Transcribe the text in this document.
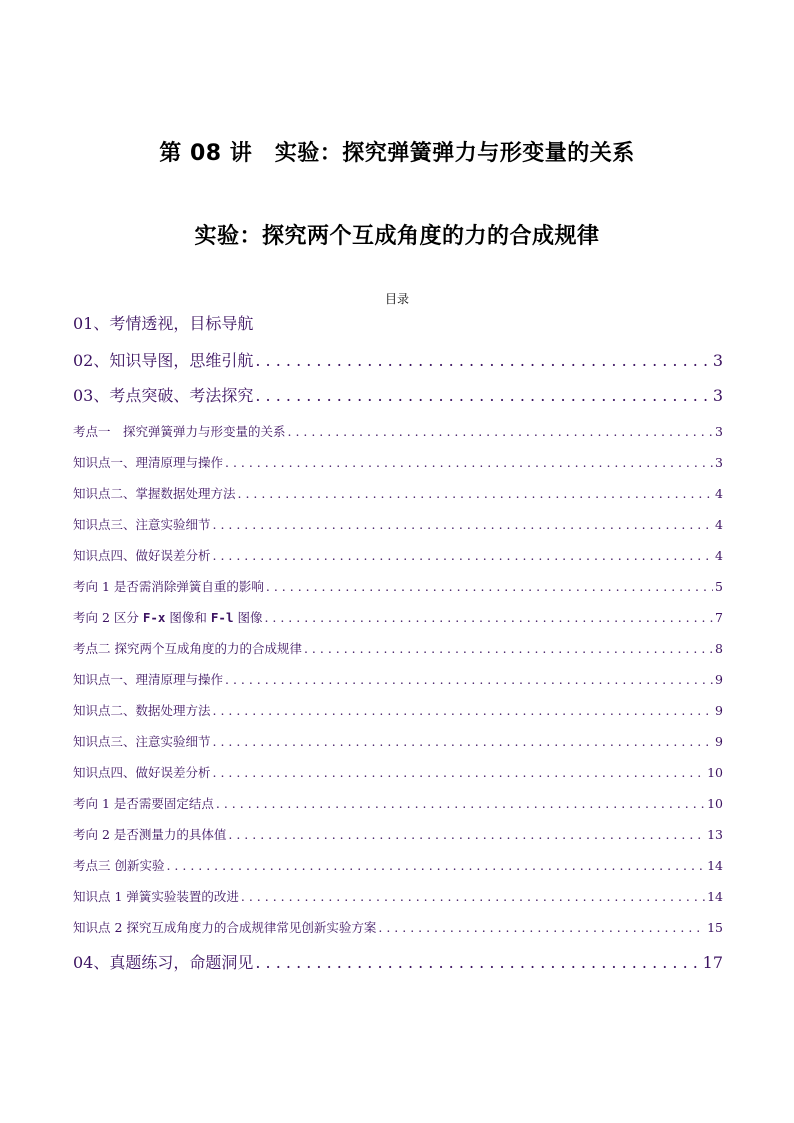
第 08 讲　实验：探究弹簧弹力与形变量的关系
实验：探究两个互成角度的力的合成规律
目录
01、考情透视，目标导航
02、知识导图，思维引航 . . .	3
03、考点突破、考法探究 . . .	3
考点一　探究弹簧弹力与形变量的关系 . . .	3
知识点一、理清原理与操作 . . .	3
知识点二、掌握数据处理方法 . . .	4
知识点三、注意实验细节 . . .	4
知识点四、做好误差分析 . . .	4
考向 1 是否需消除弹簧自重的影响 . . .	5
考向 2 区分 F-x 图像和 F-l 图像 . . .	7
考点二 探究两个互成角度的力的合成规律 . . .	8
知识点一、理清原理与操作 . . .	9
知识点二、数据处理方法 . . .	9
知识点三、注意实验细节 . . .	9
知识点四、做好误差分析 . . .	10
考向 1 是否需要固定结点 . . .	10
考向 2 是否测量力的具体值 . . .	13
考点三 创新实验 . . .	14
知识点 1 弹簧实验装置的改进 . . .	14
知识点 2 探究互成角度力的合成规律常见创新实验方案 . . .	15
04、真题练习，命题洞见 . . .	17
